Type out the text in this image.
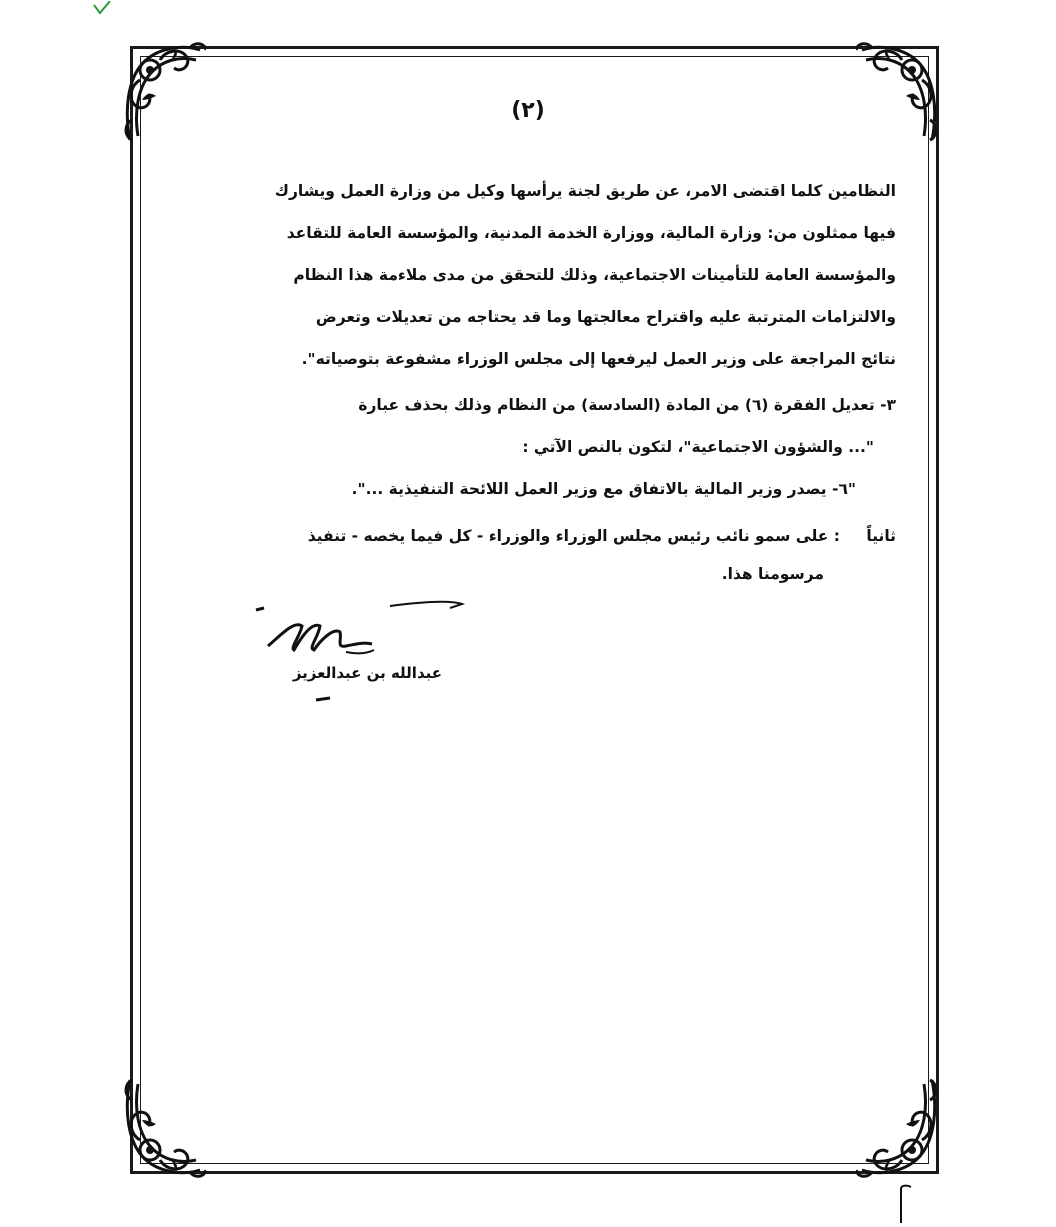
(٢)
النظامين كلما اقتضى الامر، عن طريق لجنة يرأسها وكيل من وزارة العمل ويشارك
فيها ممثلون من: وزارة المالية، ووزارة الخدمة المدنية، والمؤسسة العامة للتقاعد
والمؤسسة العامة للتأمينات الاجتماعية، وذلك للتحقق من مدى ملاءمة هذا النظام
والالتزامات المترتبة عليه واقتراح معالجتها وما قد يحتاجه من تعديلات وتعرض
نتائج المراجعة على وزير العمل ليرفعها إلى مجلس الوزراء مشفوعة بتوصياته".
٣- تعديل الفقرة (٦) من المادة (السادسة) من النظام وذلك بحذف عبارة
"... والشؤون الاجتماعية"، لتكون بالنص الآتي :
"٦- يصدر وزير المالية بالاتفاق مع وزير العمل اللائحة التنفيذية ...".
ثانياً: على سمو نائب رئيس مجلس الوزراء والوزراء - كل فيما يخصه - تنفيذ
مرسومنا هذا.
عبدالله بن عبدالعزيز
